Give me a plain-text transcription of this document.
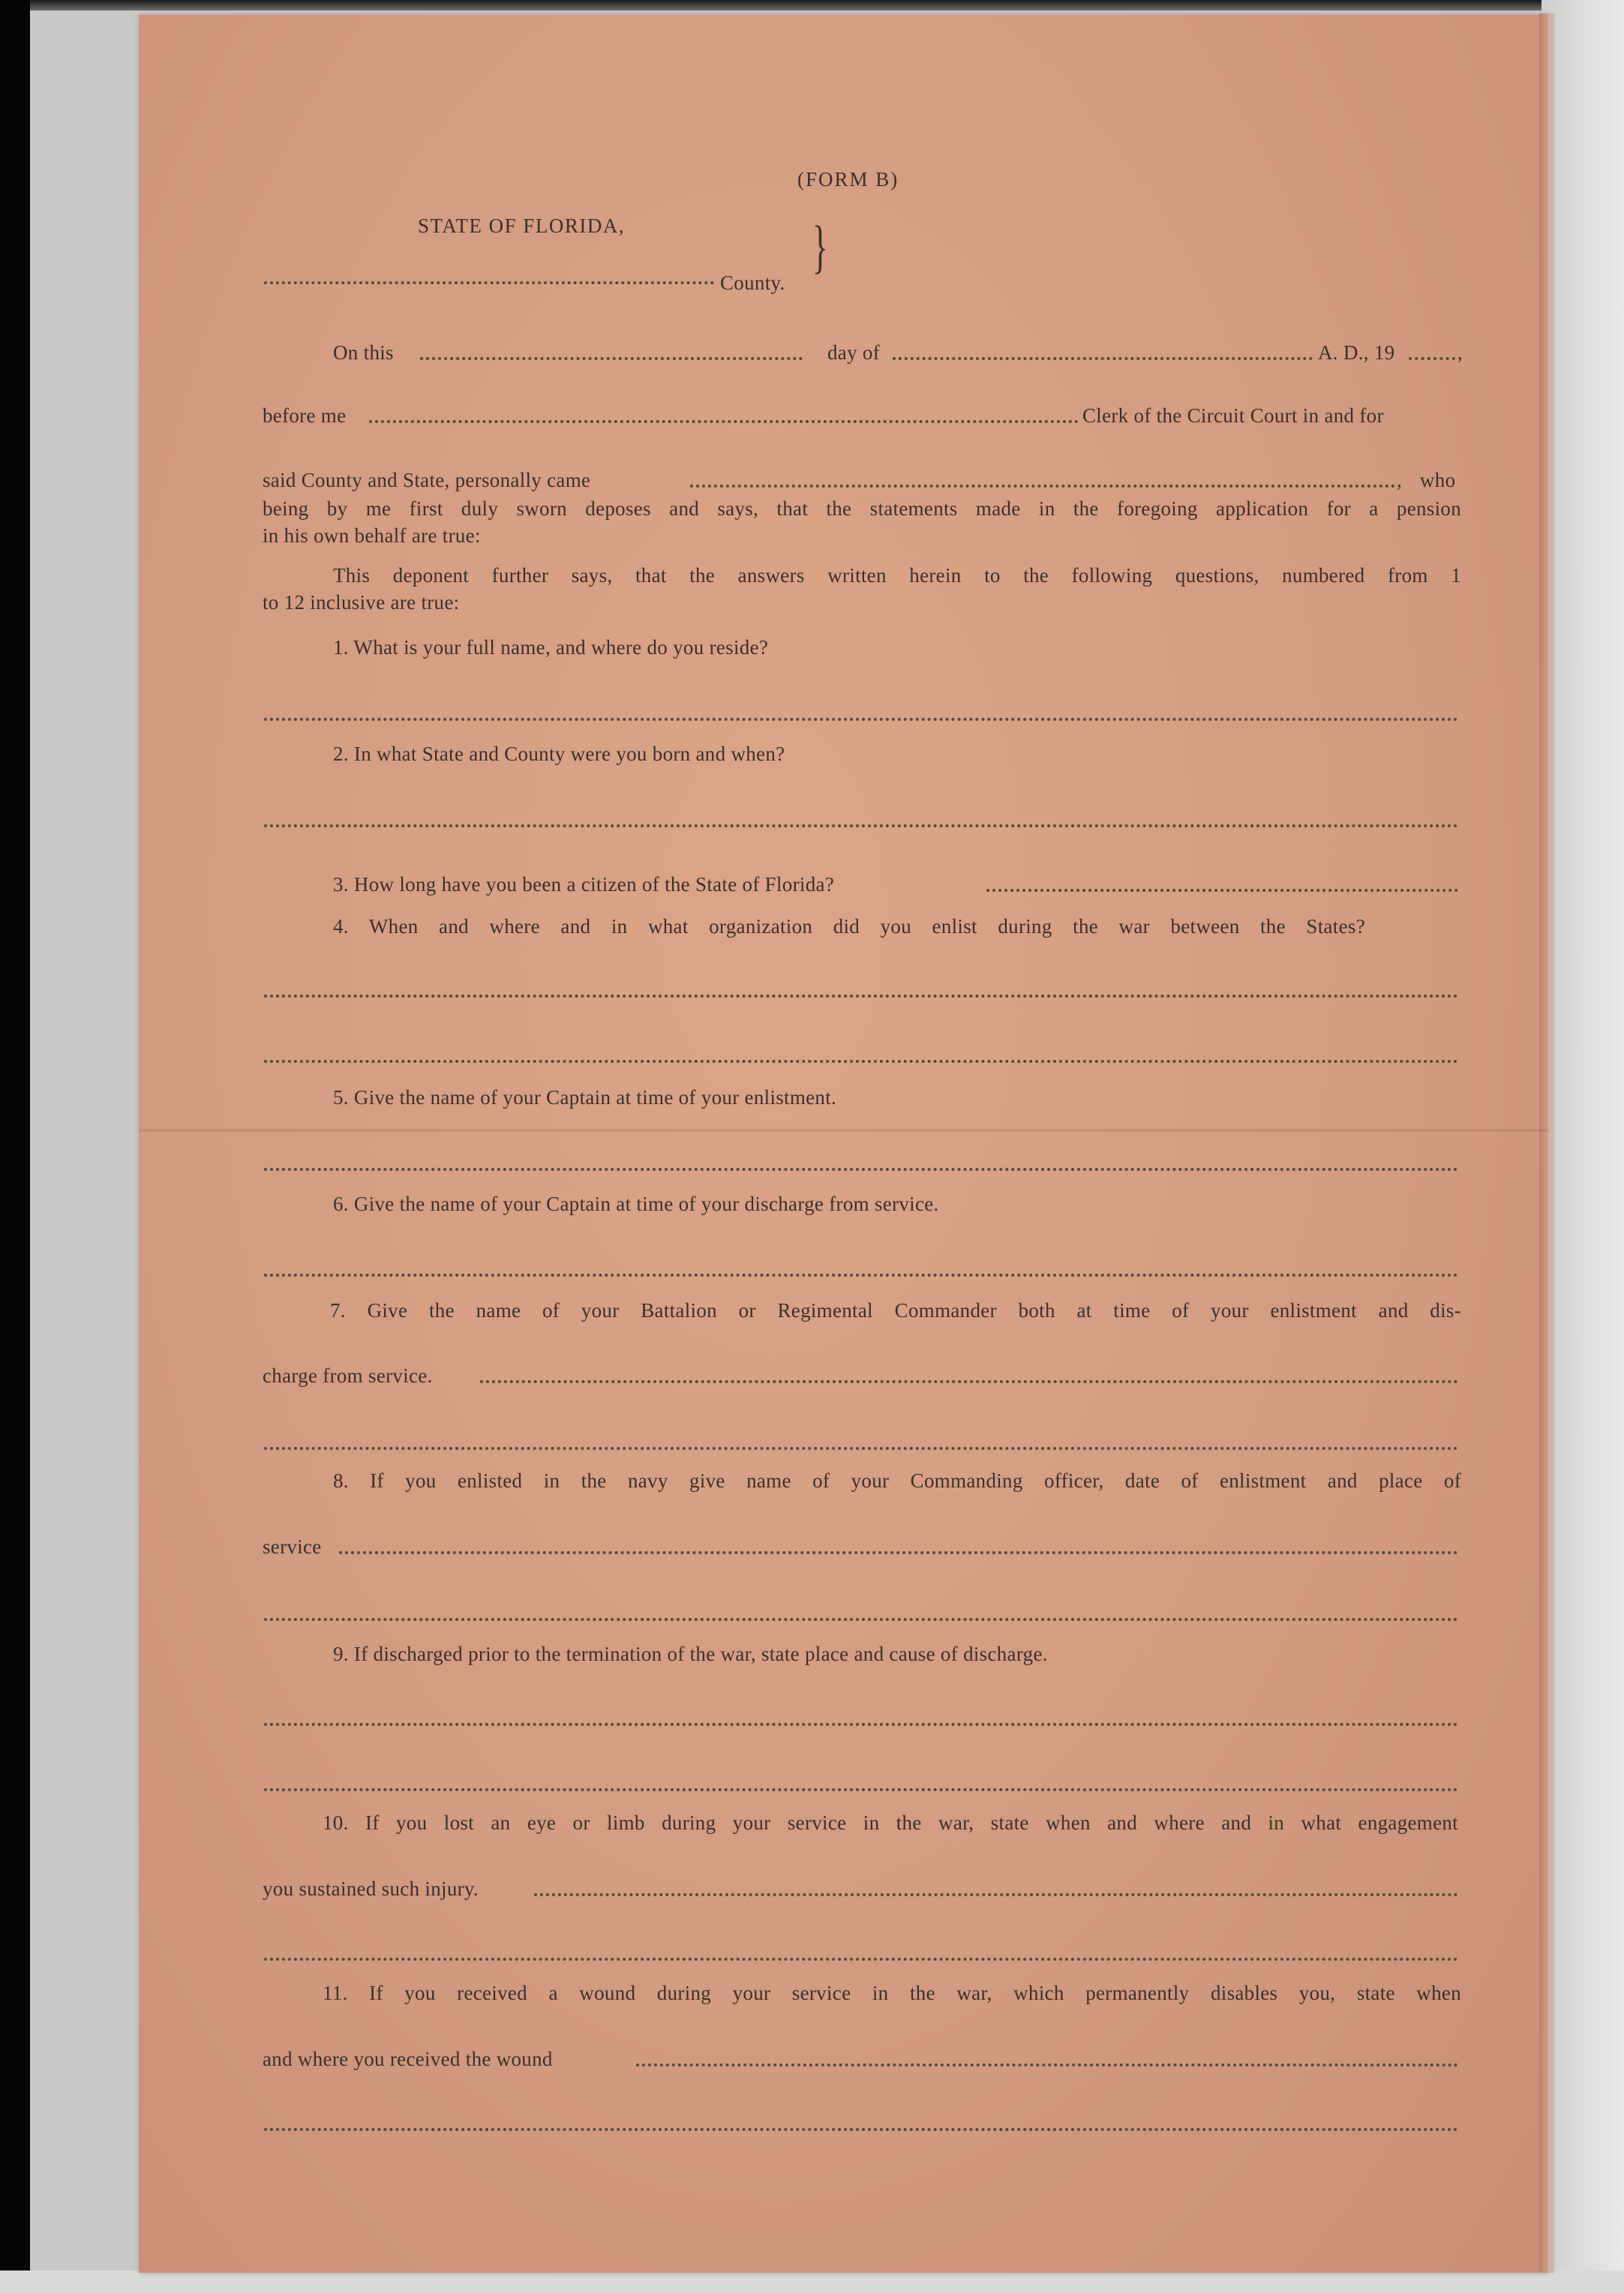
(FORM B)
STATE OF FLORIDA,
County.
}
On this	day of	A. D., 19	,
before me	Clerk of the Circuit Court in and for
said County and State, personally came	, who
being by me first duly sworn deposes and says, that the statements made in the foregoing application for a pension
in his own behalf are true:
This deponent further says, that the answers written herein to the following questions, numbered from 1
to 12 inclusive are true:
1. What is your full name, and where do you reside?
2. In what State and County were you born and when?
3. How long have you been a citizen of the State of Florida?
4. When and where and in what organization did you enlist during the war between the States?
5. Give the name of your Captain at time of your enlistment.
6. Give the name of your Captain at time of your discharge from service.
7. Give the name of your Battalion or Regimental Commander both at time of your enlistment and dis-
charge from service.
8. If you enlisted in the navy give name of your Commanding officer, date of enlistment and place of
service
9. If discharged prior to the termination of the war, state place and cause of discharge.
10. If you lost an eye or limb during your service in the war, state when and where and in what engagement
you sustained such injury.
11. If you received a wound during your service in the war, which permanently disables you, state when
and where you received the wound
